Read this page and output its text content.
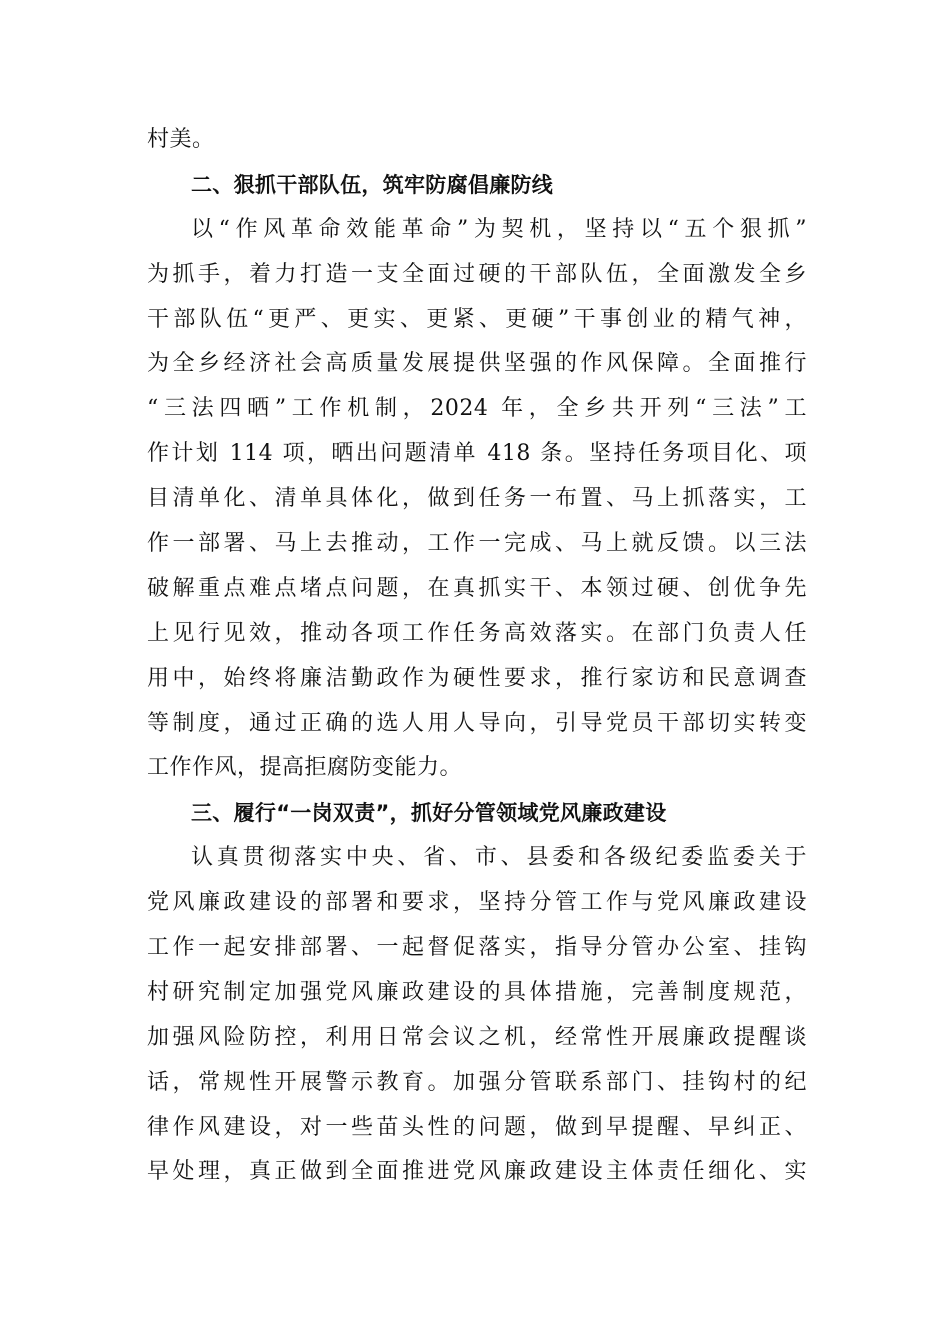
村美。
二、狠抓干部队伍，筑牢防腐倡廉防线
以“作风革命效能革命”为契机，坚持以“五个狠抓”
为抓手，着力打造一支全面过硬的干部队伍，全面激发全乡
干部队伍“更严、更实、更紧、更硬”干事创业的精气神，
为全乡经济社会高质量发展提供坚强的作风保障。全面推行
“三法四晒”工作机制，2024 年，全乡共开列“三法”工
作计划 114 项，晒出问题清单 418 条。坚持任务项目化、项
目清单化、清单具体化，做到任务一布置、马上抓落实，工
作一部署、马上去推动，工作一完成、马上就反馈。以三法
破解重点难点堵点问题，在真抓实干、本领过硬、创优争先
上见行见效，推动各项工作任务高效落实。在部门负责人任
用中，始终将廉洁勤政作为硬性要求，推行家访和民意调查
等制度，通过正确的选人用人导向，引导党员干部切实转变
工作作风，提高拒腐防变能力。
三、履行“一岗双责”，抓好分管领域党风廉政建设
认真贯彻落实中央、省、市、县委和各级纪委监委关于
党风廉政建设的部署和要求，坚持分管工作与党风廉政建设
工作一起安排部署、一起督促落实，指导分管办公室、挂钩
村研究制定加强党风廉政建设的具体措施，完善制度规范，
加强风险防控，利用日常会议之机，经常性开展廉政提醒谈
话，常规性开展警示教育。加强分管联系部门、挂钩村的纪
律作风建设，对一些苗头性的问题，做到早提醒、早纠正、
早处理，真正做到全面推进党风廉政建设主体责任细化、实
